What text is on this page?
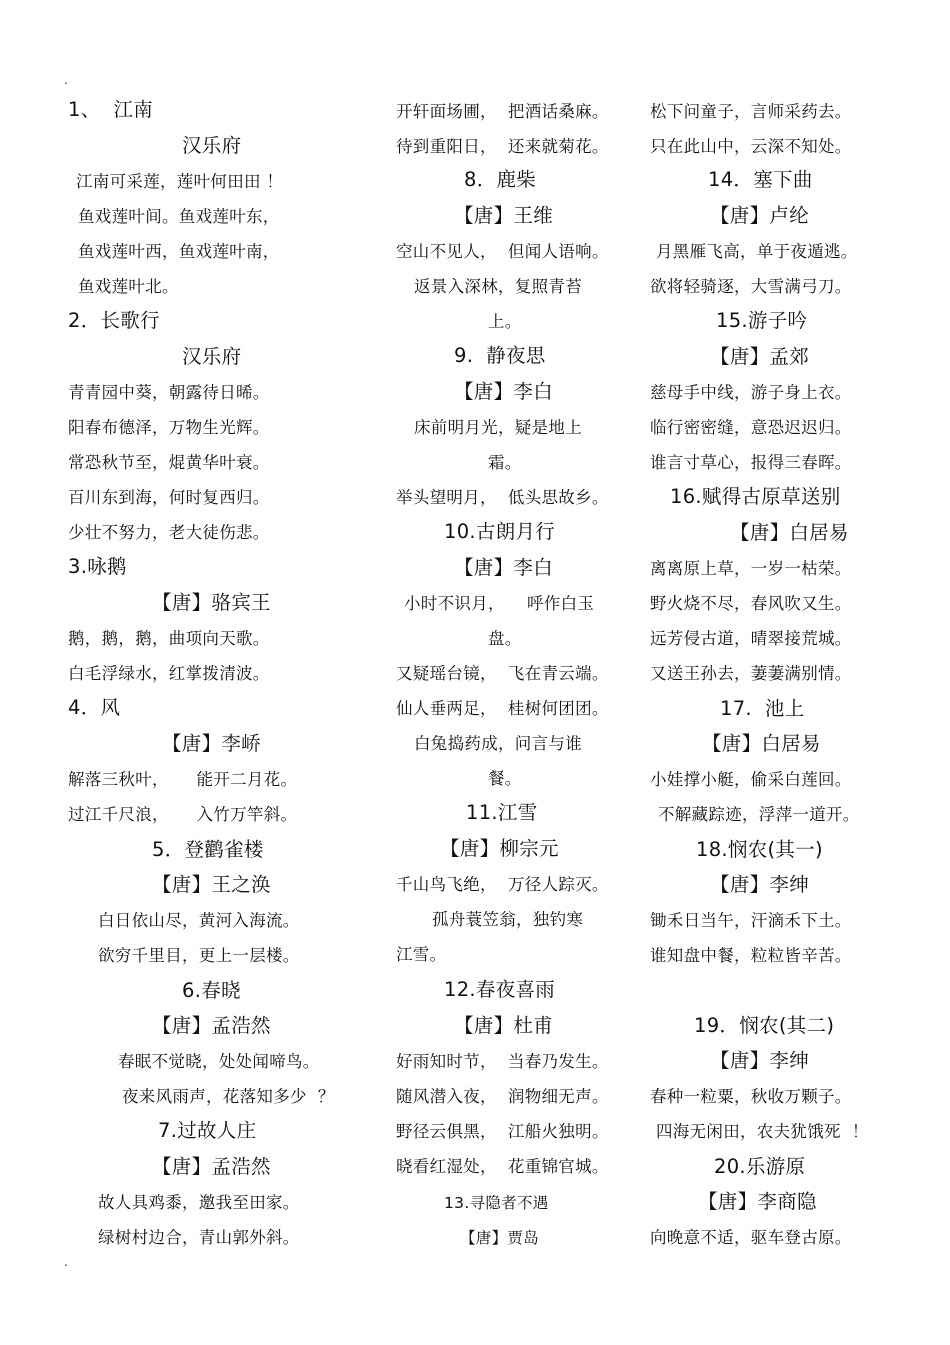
.
.
1、  江南
汉乐府
江南可采莲，莲叶何田田 ！
鱼戏莲叶间。鱼戏莲叶东，
鱼戏莲叶西，鱼戏莲叶南，
鱼戏莲叶北。
2．长歌行
汉乐府
青青园中葵，朝露待日晞。
阳春布德泽，万物生光辉。
常恐秋节至，焜黄华叶衰。
百川东到海，何时复西归。
少壮不努力，老大徒伤悲。
3.咏鹅
【唐】骆宾王
鹅，鹅，鹅，曲项向天歌。
白毛浮绿水，红掌拨清波。
4．风
【唐】李峤
解落三秋叶，     能开二月花。
过江千尺浪，     入竹万竿斜。
5．登鹳雀楼
【唐】王之涣
白日依山尽，黄河入海流。
欲穷千里目，更上一层楼。
6.春晓
【唐】孟浩然
春眠不觉晓，处处闻啼鸟。
夜来风雨声，花落知多少  ？
7.过故人庄
【唐】孟浩然
故人具鸡黍，邀我至田家。
绿树村边合，青山郭外斜。
开轩面场圃，  把酒话桑麻。
待到重阳日，  还来就菊花。
8．鹿柴
【唐】王维
空山不见人，  但闻人语响。
返景入深林，复照青苔
上。
9.  静夜思
【唐】李白
床前明月光，疑是地上
霜。
举头望明月，  低头思故乡。
10.古朗月行
【唐】李白
小时不识月，    呼作白玉
盘。
又疑瑶台镜，  飞在青云端。
仙人垂两足，  桂树何团团。
白兔捣药成，问言与谁
餐。
11.江雪
【唐】柳宗元
千山鸟飞绝，  万径人踪灭。
孤舟蓑笠翁，独钓寒
江雪。
12.春夜喜雨
【唐】杜甫
好雨知时节，  当春乃发生。
随风潜入夜，  润物细无声。
野径云俱黑，  江船火独明。
晓看红湿处，  花重锦官城。
13.寻隐者不遇
【唐】贾岛
松下问童子，言师采药去。
只在此山中，云深不知处。
14．塞下曲
【唐】卢纶
月黑雁飞高，单于夜遁逃。
欲将轻骑逐，大雪满弓刀。
15.游子吟
【唐】孟郊
慈母手中线，游子身上衣。
临行密密缝，意恐迟迟归。
谁言寸草心，报得三春晖。
16.赋得古原草送别
【唐】白居易
离离原上草，一岁一枯荣。
野火烧不尽，春风吹又生。
远芳侵古道，晴翠接荒城。
又送王孙去，萋萋满别情。
17.  池上
【唐】白居易
小娃撑小艇，偷采白莲回。
不解藏踪迹，浮萍一道开。
18.悯农(其一)
【唐】李绅
锄禾日当午，汗滴禾下土。
谁知盘中餐，粒粒皆辛苦。
19．悯农(其二)
【唐】李绅
春种一粒粟，秋收万颗子。
四海无闲田，农夫犹饿死  ！
20.乐游原
【唐】李商隐
向晚意不适，驱车登古原。
